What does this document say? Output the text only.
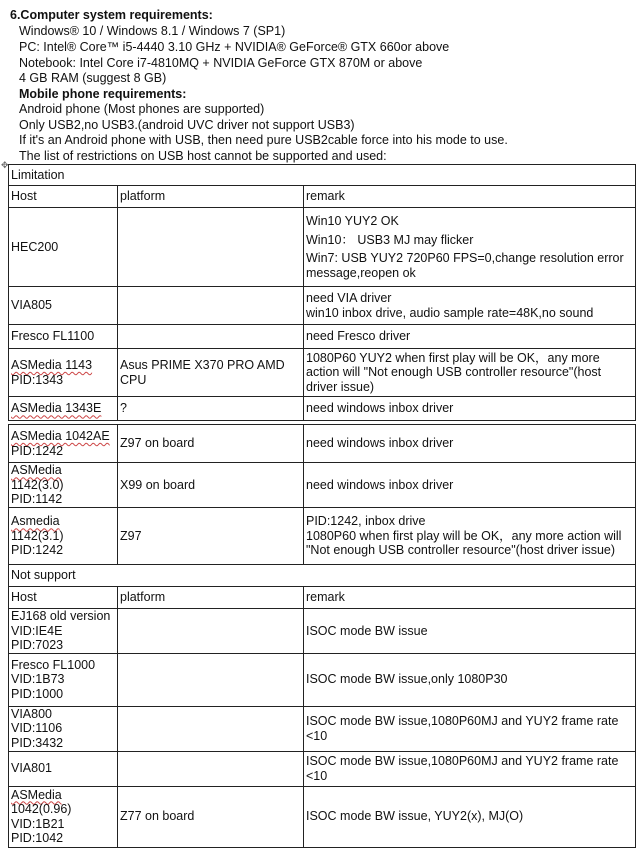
6.Computer system requirements:
Windows® 10 / Windows 8.1 / Windows 7 (SP1)
PC: Intel® Core™ i5-4440 3.10 GHz + NVIDIA® GeForce® GTX 660or above
Notebook: Intel Core i7-4810MQ + NVIDIA GeForce GTX 870M or above
4 GB RAM (suggest 8 GB)
Mobile phone requirements:
Android phone (Most phones are supported)
Only USB2,no USB3.(android UVC driver not support USB3)
If it's an Android phone with USB, then need pure USB2cable force into his mode to use.
The list of restrictions on USB host cannot be supported and used:
✥
Limitation		
Host	platform	remark

HEC200		Win10 YUY2 OK
Win10： USB3 MJ may flicker
Win7: USB YUY2 720P60 FPS=0,change resolution error message,reopen ok

VIA805		need VIA driver
win10 inbox drive, audio sample rate=48K,no sound

Fresco FL1100		need Fresco driver

ASMedia 1143
PID:1343	Asus PRIME X370 PRO AMD CPU	1080P60 YUY2 when first play will be OK，any more action will "Not enough USB controller resource"(host driver issue)

ASMedia 1343E	?	need windows inbox driver

ASMedia 1042AE
PID:1242	Z97 on board	need windows inbox driver

ASMedia
1142(3.0)
PID:1142	X99 on board	need windows inbox driver

Asmedia
1142(3.1)
PID:1242	Z97	PID:1242, inbox drive
1080P60 when first play will be OK，any more action will "Not enough USB controller resource"(host driver issue)

Not support		
Host	platform	remark

EJ168 old version
VID:IE4E
PID:7023		ISOC mode BW issue

Fresco FL1000
VID:1B73
PID:1000		ISOC mode BW issue,only 1080P30

VIA800
VID:1106
PID:3432		ISOC mode BW issue,1080P60MJ and YUY2 frame rate <10

VIA801		ISOC mode BW issue,1080P60MJ and YUY2 frame rate <10

ASMedia
1042(0.96)
VID:1B21
PID:1042	Z77 on board	ISOC mode BW issue, YUY2(x), MJ(O)
